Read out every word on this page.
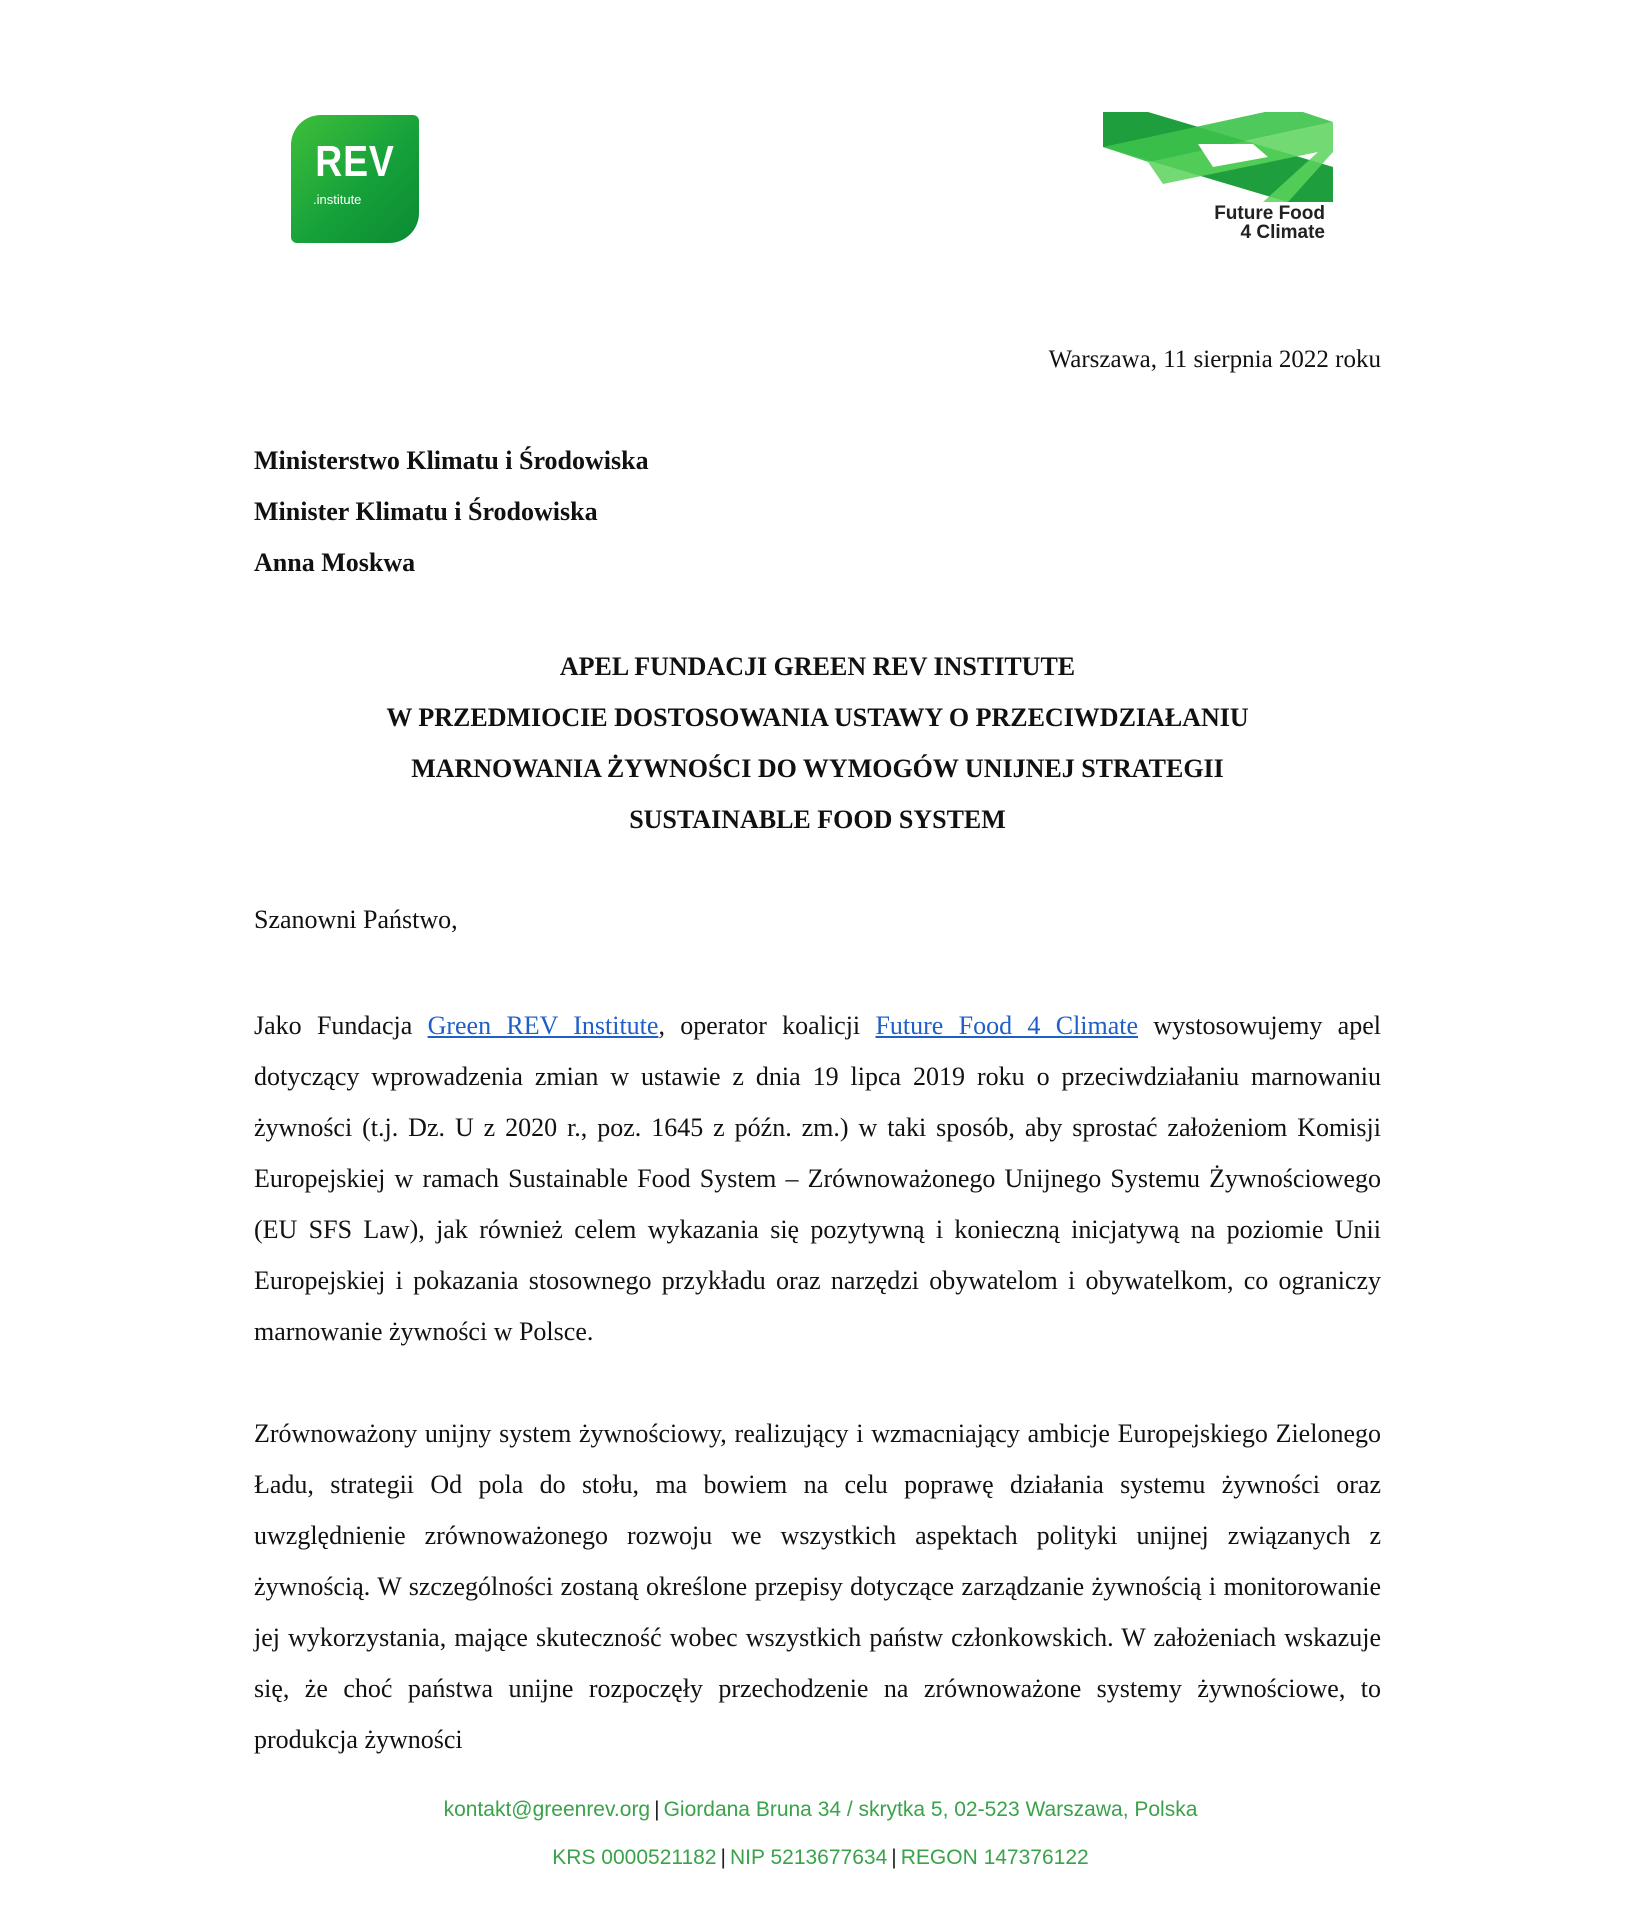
REV
.institute
Future Food
4 Climate
Warszawa, 11 sierpnia 2022 roku
Ministerstwo Klimatu i Środowiska
Minister Klimatu i Środowiska
Anna Moskwa
APEL FUNDACJI GREEN REV INSTITUTE
W PRZEDMIOCIE DOSTOSOWANIA USTAWY O PRZECIWDZIAŁANIU
MARNOWANIA ŻYWNOŚCI DO WYMOGÓW UNIJNEJ STRATEGII
SUSTAINABLE FOOD SYSTEM
Szanowni Państwo,
Jako Fundacja Green REV Institute, operator koalicji Future Food 4 Climate wystosowujemy apel dotyczący wprowadzenia zmian w ustawie z dnia 19 lipca 2019 roku o przeciwdziałaniu marnowaniu żywności (t.j. Dz. U z 2020 r., poz. 1645 z późn. zm.) w taki sposób, aby sprostać założeniom Komisji Europejskiej w ramach Sustainable Food System – Zrównoważonego Unijnego Systemu Żywnościowego (EU SFS Law), jak również celem wykazania się pozytywną i konieczną inicjatywą na poziomie Unii Europejskiej i pokazania stosownego przykładu oraz narzędzi obywatelom i obywatelkom, co ograniczy marnowanie żywności w Polsce.
Zrównoważony unijny system żywnościowy, realizujący i wzmacniający ambicje Europejskiego Zielonego Ładu, strategii Od pola do stołu, ma bowiem na celu poprawę działania systemu żywności oraz uwzględnienie zrównoważonego rozwoju we wszystkich aspektach polityki unijnej związanych z żywnością. W szczególności zostaną określone przepisy dotyczące zarządzanie żywnością i monitorowanie jej wykorzystania, mające skuteczność wobec wszystkich państw członkowskich. W założeniach wskazuje się, że choć państwa unijne rozpoczęły przechodzenie na zrównoważone systemy żywnościowe, to produkcja żywności
kontakt@greenrev.org | Giordana Bruna 34 / skrytka 5, 02-523 Warszawa, Polska
KRS 0000521182 | NIP 5213677634 | REGON 147376122
